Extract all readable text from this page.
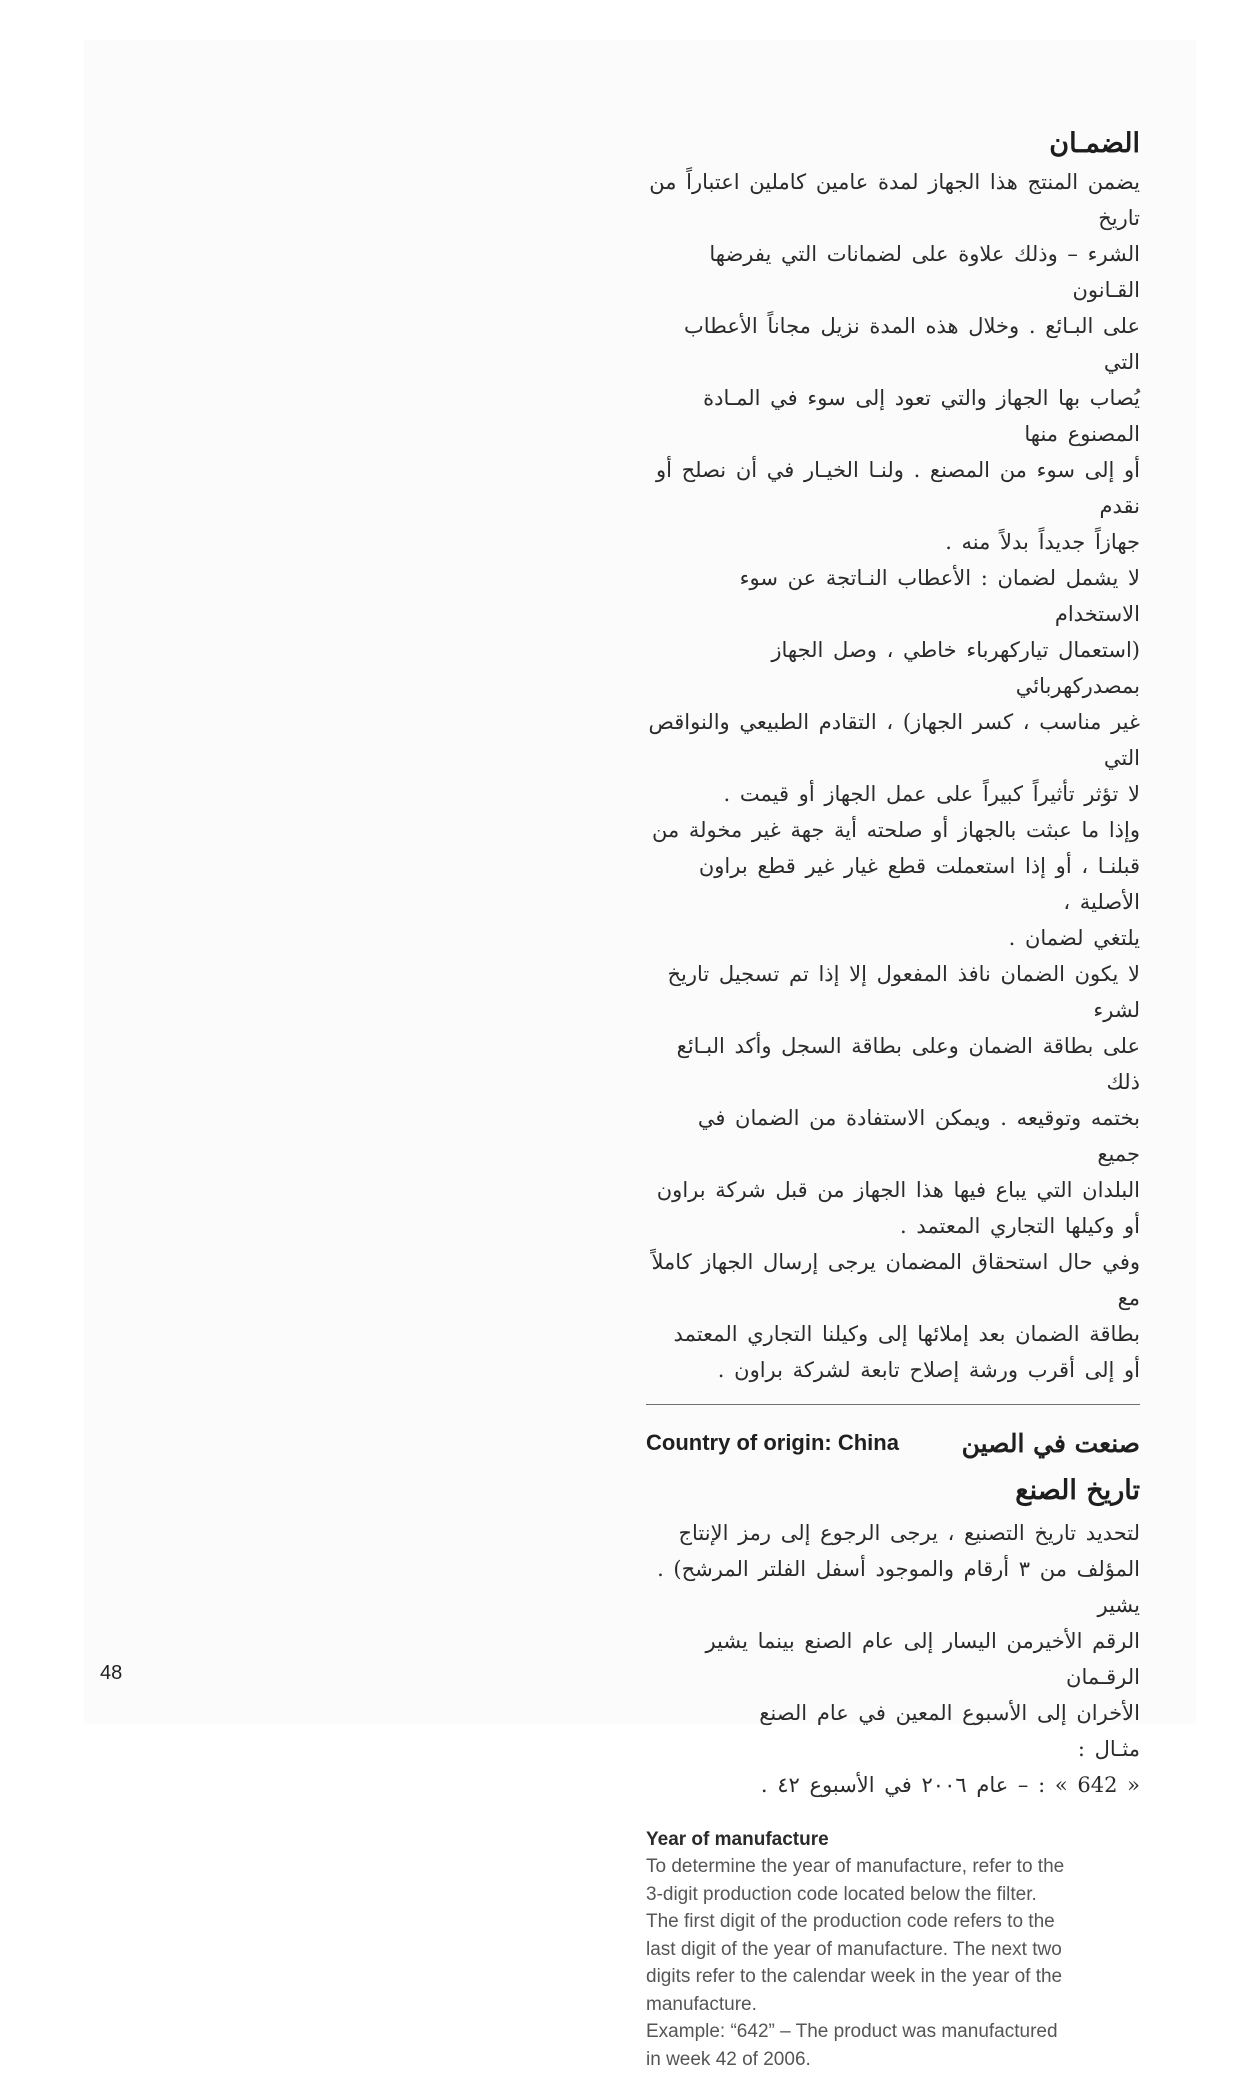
الضمـان
يضمن المنتج هذا الجهاز لمدة عامين كاملين اعتباراً من تاريخ
الشرء – وذلك علاوة على لضمانات التي يفرضها القـانون
على البـائع . وخلال هذه المدة نزيل مجاناً الأعطاب التي
يُصاب بها الجهاز والتي تعود إلى سوء في المـادة المصنوع منها
أو إلى سوء من المصنع . ولنـا الخيـار في أن نصلح أو نقدم
جهازاً جديداً بدلاً منه .
لا يشمل لضمان : الأعطاب النـاتجة عن سوء الاستخدام
(استعمال تياركهرباء خاطي ، وصل الجهاز بمصدركهربائي
غير مناسب ، كسر الجهاز) ، التقادم الطبيعي والنواقص التي
لا تؤثر تأثيراً كبيراً على عمل الجهاز أو قيمت .
وإذا ما عبثت بالجهاز أو صلحته أية جهة غير مخولة من
قبلنـا ، أو إذا استعملت قطع غيار غير قطع براون الأصلية ،
يلتغي لضمان .
لا يكون الضمان نافذ المفعول إلا إذا تم تسجيل تاريخ لشرء
على بطاقة الضمان وعلى بطاقة السجل وأكد البـائع ذلك
بختمه وتوقيعه . ويمكن الاستفادة من الضمان في جميع
البلدان التي يباع فيها هذا الجهاز من قبل شركة براون
أو وكيلها التجاري المعتمد .
وفي حال استحقاق المضمان يرجى إرسال الجهاز كاملاً مع
بطاقة الضمان بعد إملائها إلى وكيلنا التجاري المعتمد
أو إلى أقرب ورشة إصلاح تابعة لشركة براون .
Country of origin: China	صنعت في الصين
تاريخ الصنع
لتحديد تاريخ التصنيع ، يرجى الرجوع إلى رمز الإنتاج
المؤلف من ٣ أرقام والموجود أسفل الفلتر المرشح) . يشير
الرقم الأخيرمن اليسار إلى عام الصنع بينما يشير الرقـمان
الأخران إلى الأسبوع المعين في عام الصنع
مثـال :
« 642 » : – عام ٢٠٠٦ في الأسبوع ٤٢ .
Year of manufacture
To determine the year of manufacture, refer to the
3-digit production code located below the filter.
The first digit of the production code refers to the
last digit of the year of manufacture. The next two
digits refer to the calendar week in the year of the
manufacture.
Example: “642” – The product was manufactured
in week 42 of 2006.
48
